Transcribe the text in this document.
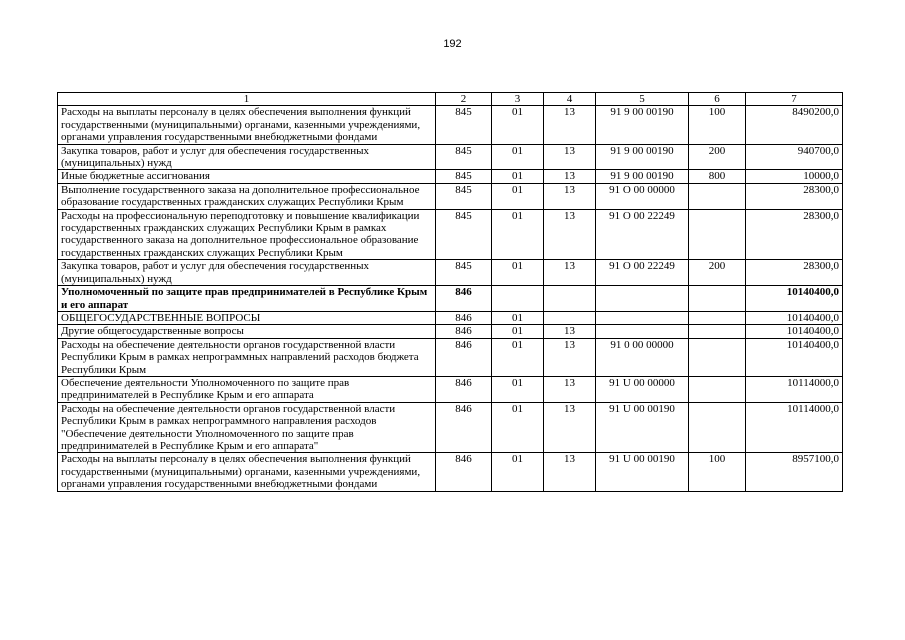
192
1	2	3	4	5	6	7
Расходы на выплаты персоналу в целях обеспечения выполнения функций государственными (муниципальными) органами, казенными учреждениями, органами управления государственными внебюджетными фондами	845	01	13	91 9 00 00190	100	8490200,0
Закупка товаров, работ и услуг для обеспечения государственных (муниципальных) нужд	845	01	13	91 9 00 00190	200	940700,0
Иные бюджетные ассигнования	845	01	13	91 9 00 00190	800	10000,0
Выполнение государственного заказа на дополнительное профессиональное образование государственных гражданских служащих Республики Крым	845	01	13	91 О 00 00000		28300,0
Расходы на профессиональную переподготовку и повышение квалификации государственных гражданских служащих Республики Крым в рамках государственного заказа на дополнительное профессиональное образование государственных гражданских служащих Республики Крым	845	01	13	91 О 00 22249		28300,0
Закупка товаров, работ и услуг для обеспечения государственных (муниципальных) нужд	845	01	13	91 О 00 22249	200	28300,0
Уполномоченный по защите прав предпринимателей в Республике Крым и его аппарат	846					10140400,0
ОБЩЕГОСУДАРСТВЕННЫЕ ВОПРОСЫ	846	01				10140400,0
Другие общегосударственные вопросы	846	01	13			10140400,0
Расходы на обеспечение деятельности органов государственной власти Республики Крым в рамках непрограммных направлений расходов бюджета Республики Крым	846	01	13	91 0 00 00000		10140400,0
Обеспечение деятельности Уполномоченного по защите прав предпринимателей в Республике Крым и его аппарата	846	01	13	91 U 00 00000		10114000,0
Расходы на обеспечение деятельности органов государственной власти Республики Крым в рамках непрограммного направления расходов "Обеспечение деятельности Уполномоченного по защите прав предпринимателей в Республике Крым и его аппарата"	846	01	13	91 U 00 00190		10114000,0
Расходы на выплаты персоналу в целях обеспечения выполнения функций государственными (муниципальными) органами, казенными учреждениями, органами управления государственными внебюджетными фондами	846	01	13	91 U 00 00190	100	8957100,0
